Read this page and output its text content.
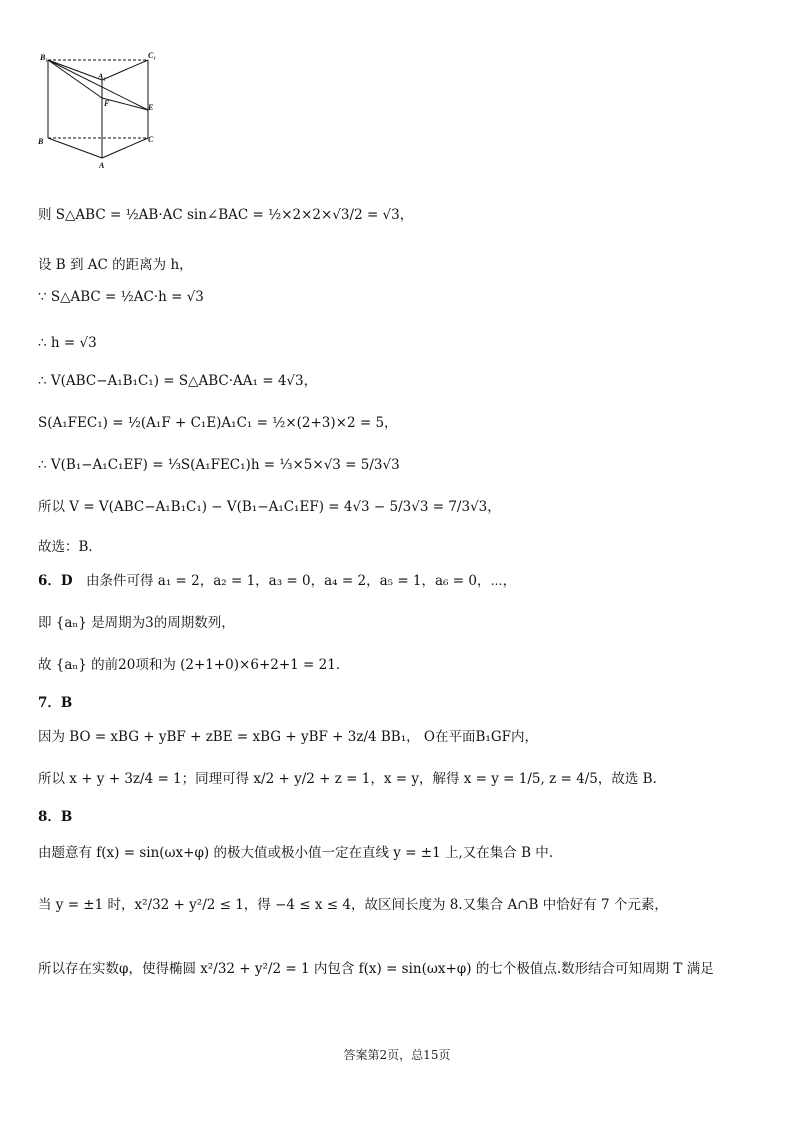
B₁	C₁
A₁
F	E
B	C
A
则 S△ABC = ½AB·AC sin∠BAC = ½×2×2×√3/2 = √3，
设 B 到 AC 的距离为 h，
∵ S△ABC = ½AC·h = √3
∴ h = √3
∴ V(ABC−A₁B₁C₁) = S△ABC·AA₁ = 4√3，
S(A₁FEC₁) = ½(A₁F + C₁E)A₁C₁ = ½×(2+3)×2 = 5，
∴ V(B₁−A₁C₁EF) = ⅓S(A₁FEC₁)h = ⅓×5×√3 = 5/3√3
所以 V = V(ABC−A₁B₁C₁) − V(B₁−A₁C₁EF) = 4√3 − 5/3√3 = 7/3√3，
故选：B．
6．D 由条件可得 a₁ = 2，a₂ = 1，a₃ = 0，a₄ = 2，a₅ = 1，a₆ = 0，⋯，
即 {aₙ} 是周期为3的周期数列，
故 {aₙ} 的前20项和为 (2+1+0)×6+2+1 = 21．
7．B
因为 BO = xBG + yBF + zBE = xBG + yBF + 3z/4 BB₁， O在平面B₁GF内，
所以 x + y + 3z/4 = 1；同理可得 x/2 + y/2 + z = 1，x = y，解得 x = y = 1/5, z = 4/5，故选 B.
8．B
由题意有 f(x) = sin(ωx+φ) 的极大值或极小值一定在直线 y = ±1 上,又在集合 B 中.
当 y = ±1 时，x²/32 + y²/2 ≤ 1，得 −4 ≤ x ≤ 4，故区间长度为 8.又集合 A∩B 中恰好有 7 个元素，
所以存在实数φ，使得椭圆 x²/32 + y²/2 = 1 内包含 f(x) = sin(ωx+φ) 的七个极值点.数形结合可知周期 T 满足
答案第2页，总15页
